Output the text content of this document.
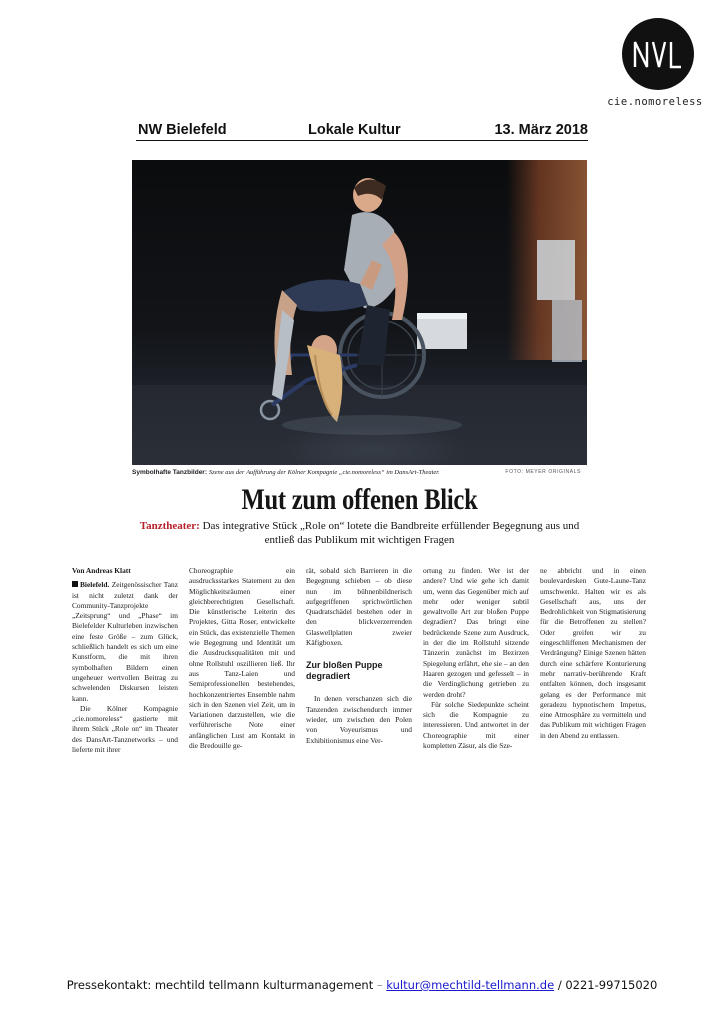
cie.nomoreless
NW Bielefeld	Lokale Kultur	13. März 2018
Symbolhafte Tanzbilder: Szene aus der Aufführung der Kölner Kompagnie „cie.nomoreless“ im DansArt-Theater.	FOTO: MEYER ORIGINALS
Mut zum offenen Blick
Tanztheater: Das integrative Stück „Role on“ lotete die Bandbreite erfüllender Begegnung aus und entließ das Publikum mit wichtigen Fragen

Von Andreas Klatt

Bielefeld. Zeitgenössischer Tanz ist nicht zuletzt dank der Community-Tanzprojekte „Zeitsprung“ und „Phase“ im Bielefelder Kulturleben inzwischen eine feste Größe – zum Glück, schließlich handelt es sich um eine Kunstform, die mit ihren symbolhaften Bildern einen ungeheuer wertvollen Beitrag zu schwelenden Diskursen leisten kann.

Die Kölner Kompagnie „cie.nomoreless“ gastierte mit ihrem Stück „Role on“ im Theater des DansArt-Tanznetworks – und lieferte mit ihrer

Choreographie ein ausdrucksstarkes Statement zu den Möglichkeitsräumen einer gleichberechtigten Gesellschaft. Die künstlerische Leiterin des Projektes, Gitta Roser, entwickelte ein Stück, das existenzielle Themen wie Begegnung und Identität um die Ausdrucksqualitäten mit und ohne Rollstuhl oszillieren ließ. Ihr aus Tanz-Laien und Semiprofessionellen bestehendes, hochkonzentriertes Ensemble nahm sich in den Szenen viel Zeit, um in Variationen darzustellen, wie die verführerische Note einer anfänglichen Lust am Kontakt in die Bredouille ge-

rät, sobald sich Barrieren in die Begegnung schieben – ob diese nun im bühnenbildnerisch aufgegriffenen sprichwörtlichen Quadratschädel bestehen oder in den blickverzerrenden Glaswellplatten zweier Käfigboxen.

Zur bloßen Puppe degradiert

In denen verschanzen sich die Tanzenden zwischendurch immer wieder, um zwischen den Polen von Voyeurismus und Exhibitionismus eine Ver-

ortung zu finden. Wer ist der andere? Und wie gehe ich damit um, wenn das Gegenüber mich auf mehr oder weniger subtil gewaltvolle Art zur bloßen Puppe degradiert? Das bringt eine bedrückende Szene zum Ausdruck, in der die im Rollstuhl sitzende Tänzerin zunächst im Bezirzen Spiegelung erfährt, ehe sie – an den Haaren gezogen und gefesselt – in die Verdinglichung getrieben zu werden droht?

Für solche Siedepunkte scheint sich die Kompagnie zu interessieren. Und antwortet in der Choreographie mit einer kompletten Zäsur, als die Sze-

ne abbricht und in einen boulevardesken Gute-Laune-Tanz umschwenkt. Halten wir es als Gesellschaft aus, uns der Bedrohlichkeit von Stigmatisierung für die Betroffenen zu stellen? Oder greifen wir zu eingeschliffenen Mechanismen der Verdrängung? Einige Szenen hätten durch eine schärfere Konturierung mehr narrativ-berührende Kraft entfalten können, doch insgesamt gelang es der Performance mit geradezu hypnotischem Impetus, eine Atmosphäre zu vermitteln und das Publikum mit wichtigen Fragen in den Abend zu entlassen.

Pressekontakt: mechtild tellmann kulturmanagement – kultur@mechtild-tellmann.de / 0221-99715020
